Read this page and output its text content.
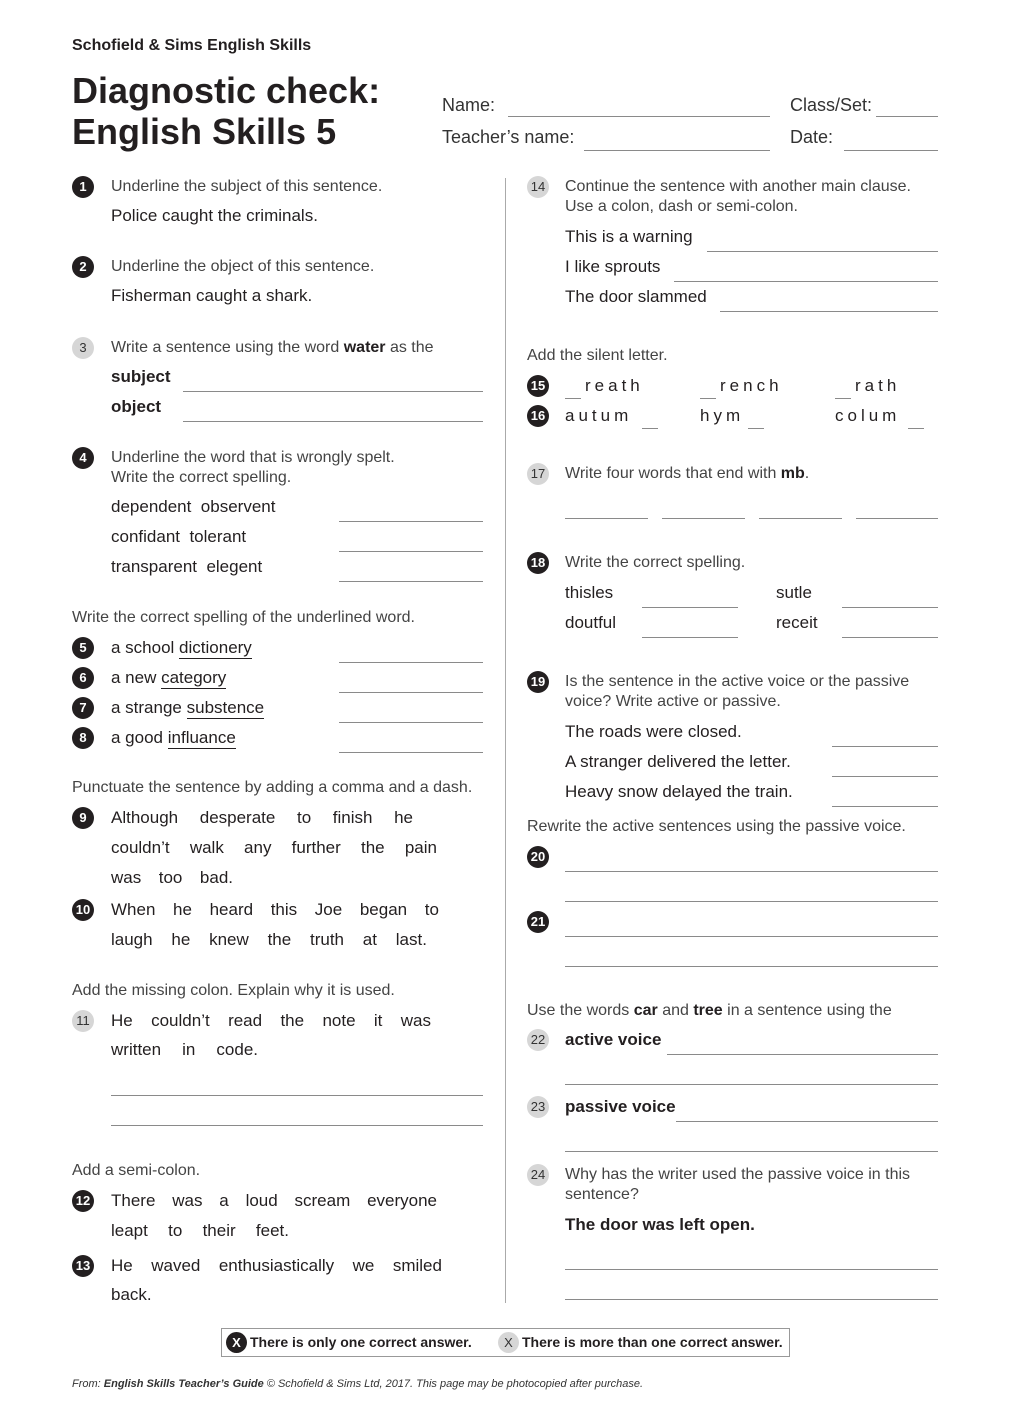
Schofield & Sims English Skills
Diagnostic check:
English Skills 5
Name:	Class/Set:
Teacher’s name:	Date:
1	Underline the subject of this sentence.
Police caught the criminals.
2	Underline the object of this sentence.
Fisherman caught a shark.
3	Write a sentence using the word water as the
subject
object
4	Underline the word that is wrongly spelt.
Write the correct spelling.
dependent  observent
confidant  tolerant
transparent  elegent
Write the correct spelling of the underlined word.
5	a school dictionery
6	a new category
7	a strange substence
8	a good influance
Punctuate the sentence by adding a comma and a dash.
9	Although desperate to finish he
couldn’t walk any further the pain
was too bad.
10 When he heard this Joe began to
laugh he knew the truth at last.
Add the missing colon. Explain why it is used.
11 He couldn’t read the note it was
written in code.
Add a semi-colon.
12 There was a loud scream everyone
leapt to their feet.
13 He waved enthusiastically we smiled
back.
14 Continue the sentence with another main clause.
Use a colon, dash or semi-colon.
This is a warning
I like sprouts
The door slammed
Add the silent letter.
15 reath	rench	rath
16 autum	hym	colum
17 Write four words that end with mb.
18 Write the correct spelling.
thisles	sutle
doutful	receit
19 Is the sentence in the active voice or the passive
voice? Write active or passive.
The roads were closed.
A stranger delivered the letter.
Heavy snow delayed the train.
Rewrite the active sentences using the passive voice.
20
21
Use the words car and tree in a sentence using the
22 active voice
23 passive voice
24 Why has the writer used the passive voice in this
sentence?
The door was left open.
X There is only one correct answer.	X There is more than one correct answer.
From: English Skills Teacher’s Guide © Schofield & Sims Ltd, 2017. This page may be photocopied after purchase.
